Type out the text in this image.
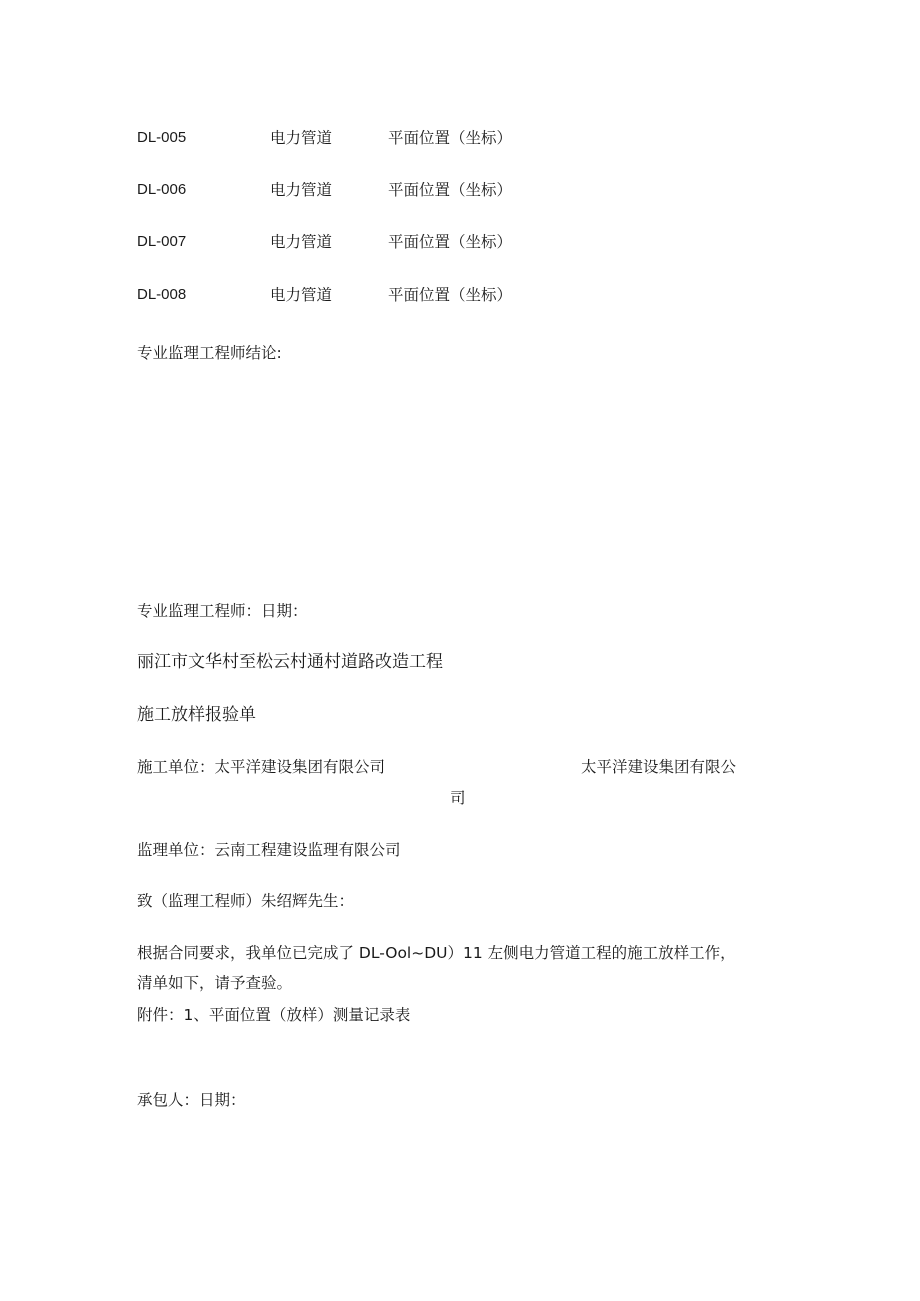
DL-005	电力管道	平面位置（坐标）
DL-006	电力管道	平面位置（坐标）
DL-007	电力管道	平面位置（坐标）
DL-008	电力管道	平面位置（坐标）
专业监理工程师结论:
专业监理工程师：日期：
丽江市文华村至松云村通村道路改造工程
施工放样报验单
施工单位：太平洋建设集团有限公司	太平洋建设集团有限公
司
监理单位：云南工程建设监理有限公司
致（监理工程师）朱绍辉先生：
根据合同要求，我单位已完成了 DL-Ool~DU）11 左侧电力管道工程的施工放样工作，
清单如下，请予查验。
附件：1、平面位置（放样）测量记录表
承包人：日期：
